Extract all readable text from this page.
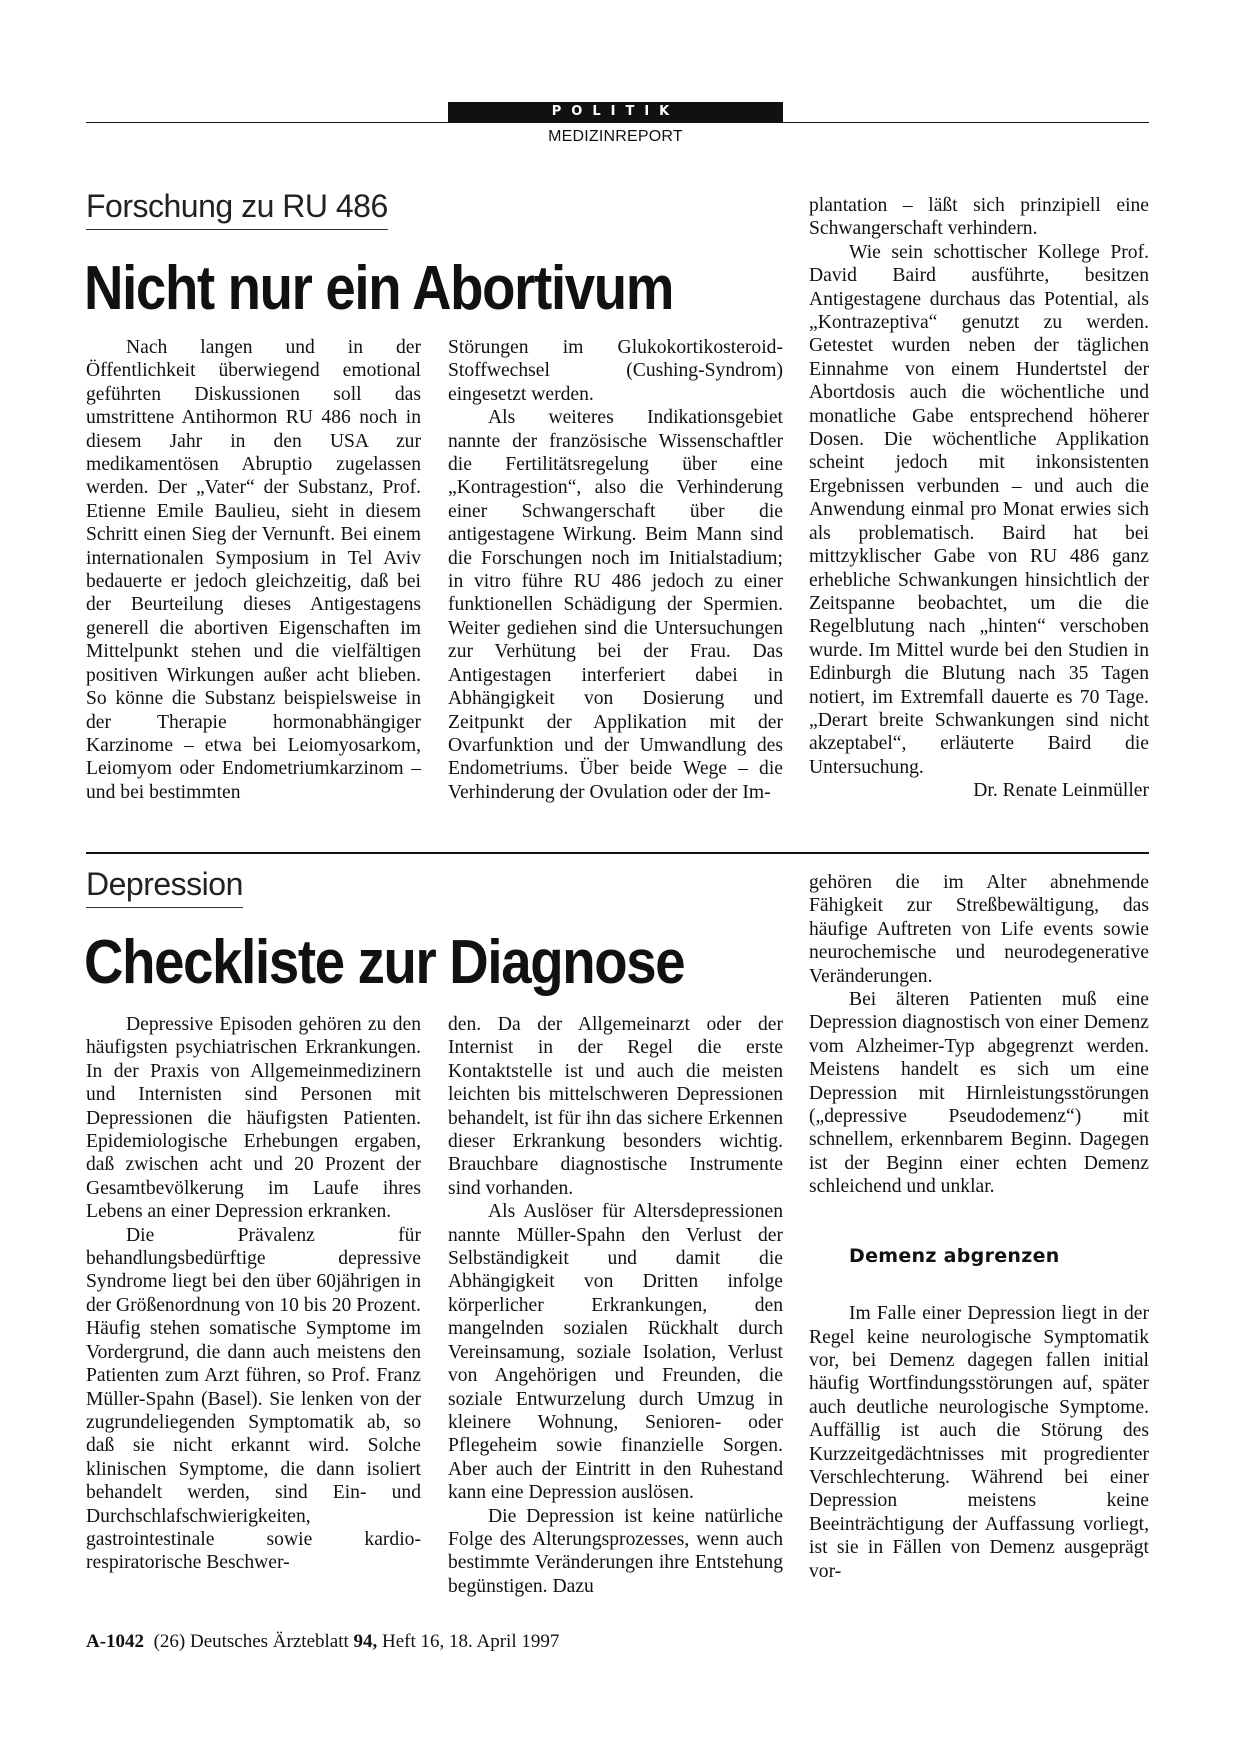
POLITIK
MEDIZINREPORT
Forschung zu RU 486
Nicht nur ein Abortivum

Nach langen und in der Öffentlichkeit überwiegend emotional geführten Diskussionen soll das umstrittene Antihormon RU 486 noch in diesem Jahr in den USA zur medikamentösen Abruptio zugelassen werden. Der „Vater“ der Substanz, Prof. Etienne Emile Baulieu, sieht in diesem Schritt einen Sieg der Vernunft. Bei einem internationalen Symposium in Tel Aviv bedauerte er jedoch gleichzeitig, daß bei der Beurteilung dieses Antigestagens generell die abortiven Eigenschaften im Mittelpunkt stehen und die vielfältigen positiven Wirkungen außer acht blieben. So könne die Substanz beispielsweise in der Therapie hormonabhängiger Karzinome – etwa bei Leiomyosarkom, Leiomyom oder Endometriumkarzinom – und bei bestimmten

Störungen im Glukokortikosteroid-Stoffwechsel (Cushing-Syndrom) eingesetzt werden.

Als weiteres Indikationsgebiet nannte der französische Wissenschaftler die Fertilitätsregelung über eine „Kontragestion“, also die Verhinderung einer Schwangerschaft über die antigestagene Wirkung. Beim Mann sind die Forschungen noch im Initialstadium; in vitro führe RU 486 jedoch zu einer funktionellen Schädigung der Spermien. Weiter gediehen sind die Untersuchungen zur Verhütung bei der Frau. Das Antigestagen interferiert dabei in Abhängigkeit von Dosierung und Zeitpunkt der Applikation mit der Ovarfunktion und der Umwandlung des Endometriums. Über beide Wege – die Verhinderung der Ovulation oder der Im-

plantation – läßt sich prinzipiell eine Schwangerschaft verhindern.

Wie sein schottischer Kollege Prof. David Baird ausführte, besitzen Antigestagene durchaus das Potential, als „Kontrazeptiva“ genutzt zu werden. Getestet wurden neben der täglichen Einnahme von einem Hundertstel der Abortdosis auch die wöchentliche und monatliche Gabe entsprechend höherer Dosen. Die wöchentliche Applikation scheint jedoch mit inkonsistenten Ergebnissen verbunden – und auch die Anwendung einmal pro Monat erwies sich als problematisch. Baird hat bei mittzyklischer Gabe von RU 486 ganz erhebliche Schwankungen hinsichtlich der Zeitspanne beobachtet, um die die Regelblutung nach „hinten“ verschoben wurde. Im Mittel wurde bei den Studien in Edinburgh die Blutung nach 35 Tagen notiert, im Extremfall dauerte es 70 Tage. „Derart breite Schwankungen sind nicht akzeptabel“, erläuterte Baird die Untersuchung.

Dr. Renate Leinmüller
Depression
Checkliste zur Diagnose

Depressive Episoden gehören zu den häufigsten psychiatrischen Erkrankungen. In der Praxis von Allgemeinmedizinern und Internisten sind Personen mit Depressionen die häufigsten Patienten. Epidemiologische Erhebungen ergaben, daß zwischen acht und 20 Prozent der Gesamtbevölkerung im Laufe ihres Lebens an einer Depression erkranken.

Die Prävalenz für behandlungsbedürftige depressive Syndrome liegt bei den über 60jährigen in der Größenordnung von 10 bis 20 Prozent. Häufig stehen somatische Symptome im Vordergrund, die dann auch meistens den Patienten zum Arzt führen, so Prof. Franz Müller-Spahn (Basel). Sie lenken von der zugrundeliegenden Symptomatik ab, so daß sie nicht erkannt wird. Solche klinischen Symptome, die dann isoliert behandelt werden, sind Ein- und Durchschlafschwierigkeiten, gastrointestinale sowie kardio-respiratorische Beschwer-

den. Da der Allgemeinarzt oder der Internist in der Regel die erste Kontaktstelle ist und auch die meisten leichten bis mittelschweren Depressionen behandelt, ist für ihn das sichere Erkennen dieser Erkrankung besonders wichtig. Brauchbare diagnostische Instrumente sind vorhanden.

Als Auslöser für Altersdepressionen nannte Müller-Spahn den Verlust der Selbständigkeit und damit die Abhängigkeit von Dritten infolge körperlicher Erkrankungen, den mangelnden sozialen Rückhalt durch Vereinsamung, soziale Isolation, Verlust von Angehörigen und Freunden, die soziale Entwurzelung durch Umzug in kleinere Wohnung, Senioren- oder Pflegeheim sowie finanzielle Sorgen. Aber auch der Eintritt in den Ruhestand kann eine Depression auslösen.

Die Depression ist keine natürliche Folge des Alterungsprozesses, wenn auch bestimmte Veränderungen ihre Entstehung begünstigen. Dazu

gehören die im Alter abnehmende Fähigkeit zur Streßbewältigung, das häufige Auftreten von Life events sowie neurochemische und neurodegenerative Veränderungen.

Bei älteren Patienten muß eine Depression diagnostisch von einer Demenz vom Alzheimer-Typ abgegrenzt werden. Meistens handelt es sich um eine Depression mit Hirnleistungsstörungen („depressive Pseudodemenz“) mit schnellem, erkennbarem Beginn. Dagegen ist der Beginn einer echten Demenz schleichend und unklar.

Demenz abgrenzen

Im Falle einer Depression liegt in der Regel keine neurologische Symptomatik vor, bei Demenz dagegen fallen initial häufig Wortfindungsstörungen auf, später auch deutliche neurologische Symptome. Auffällig ist auch die Störung des Kurzzeitgedächtnisses mit progredienter Verschlechterung. Während bei einer Depression meistens keine Beeinträchtigung der Auffassung vorliegt, ist sie in Fällen von Demenz ausgeprägt vor-

A-1042 (26) Deutsches Ärzteblatt 94, Heft 16, 18. April 1997
